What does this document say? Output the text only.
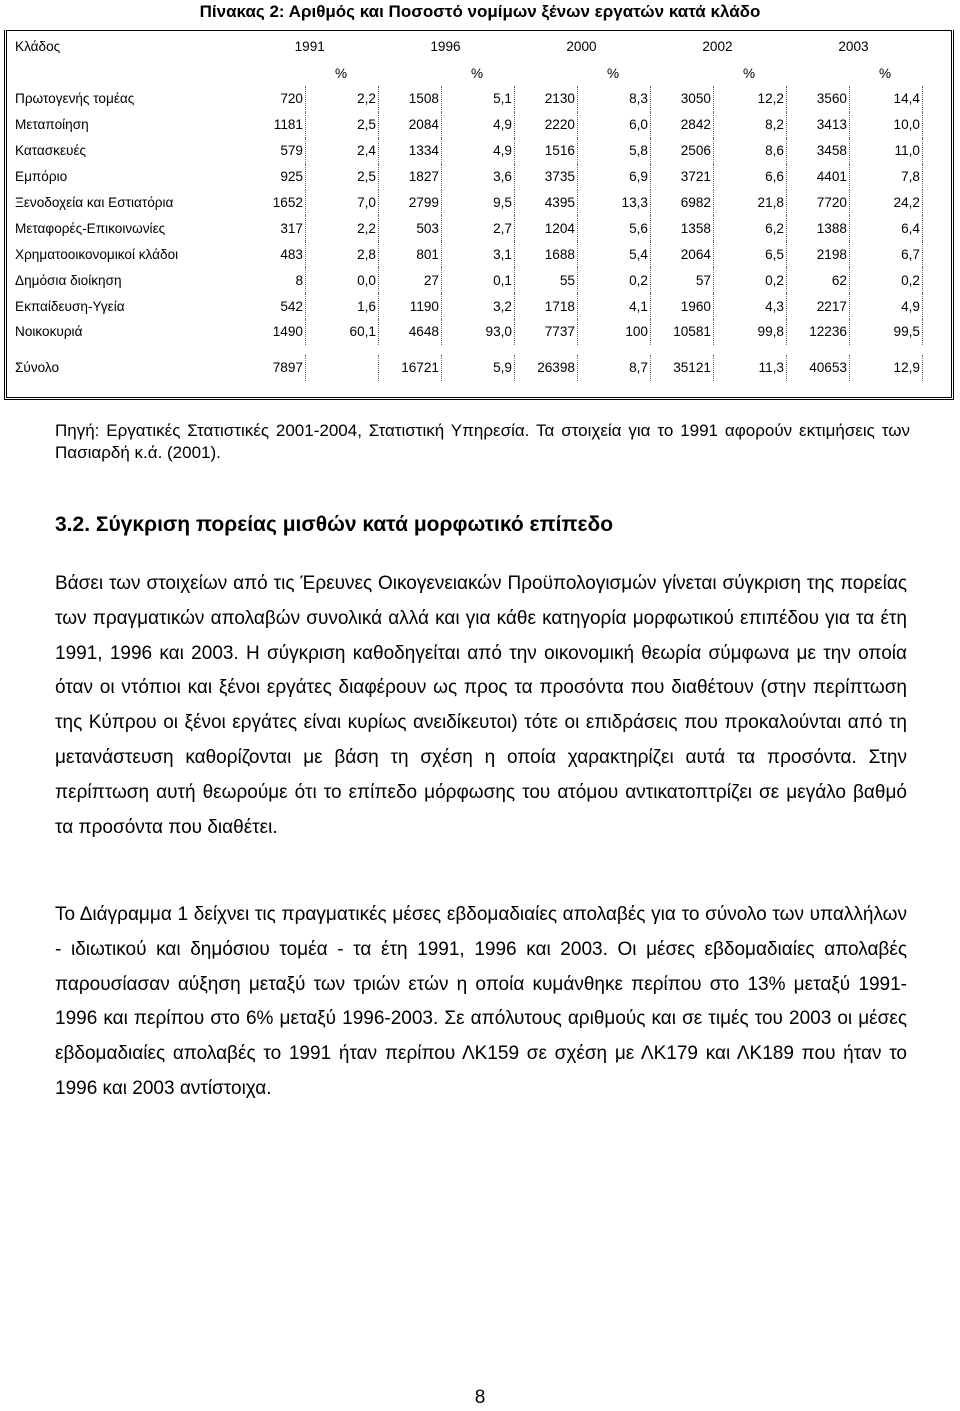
Πίνακας 2: Αριθμός και Ποσοστό νομίμων ξένων εργατών κατά κλάδο
Κλάδος	1991		1996		2000		2002		2003	
		%		%		%		%		%
Πρωτογενής τομέας	720	2,2	1508	5,1	2130	8,3	3050	12,2	3560	14,4
Μεταποίηση	1181	2,5	2084	4,9	2220	6,0	2842	8,2	3413	10,0
Κατασκευές	579	2,4	1334	4,9	1516	5,8	2506	8,6	3458	11,0
Εμπόριο	925	2,5	1827	3,6	3735	6,9	3721	6,6	4401	7,8
Ξενοδοχεία και Εστιατόρια	1652	7,0	2799	9,5	4395	13,3	6982	21,8	7720	24,2
Μεταφορές-Επικοινωνίες	317	2,2	503	2,7	1204	5,6	1358	6,2	1388	6,4
Χρηματοοικονομικοί κλάδοι	483	2,8	801	3,1	1688	5,4	2064	6,5	2198	6,7
Δημόσια διοίκηση	8	0,0	27	0,1	55	0,2	57	0,2	62	0,2
Εκπαίδευση-Υγεία	542	1,6	1190	3,2	1718	4,1	1960	4,3	2217	4,9
Νοικοκυριά	1490	60,1	4648	93,0	7737	100	10581	99,8	12236	99,5

Σύνολο	7897		16721	5,9	26398	8,7	35121	11,3	40653	12,9
Πηγή: Εργατικές Στατιστικές 2001-2004, Στατιστική Υπηρεσία. Τα στοιχεία για το 1991 αφορούν εκτιμήσεις των Πασιαρδή κ.ά. (2001).
3.2. Σύγκριση πορείας μισθών κατά μορφωτικό επίπεδο
Βάσει των στοιχείων από τις Έρευνες Οικογενειακών Προϋπολογισμών γίνεται σύγκριση της πορείας των πραγματικών απολαβών συνολικά αλλά και για κάθε κατηγορία μορφωτικού επιπέδου για τα έτη 1991, 1996 και 2003. Η σύγκριση καθοδηγείται από την οικονομική θεωρία σύμφωνα με την οποία όταν οι ντόπιοι και ξένοι εργάτες διαφέρουν ως προς τα προσόντα που διαθέτουν (στην περίπτωση της Κύπρου οι ξένοι εργάτες είναι κυρίως ανειδίκευτοι) τότε οι επιδράσεις που προκαλούνται από τη μετανάστευση καθορίζονται με βάση τη σχέση η οποία χαρακτηρίζει αυτά τα προσόντα. Στην περίπτωση αυτή θεωρούμε ότι το επίπεδο μόρφωσης του ατόμου αντικατοπτρίζει σε μεγάλο βαθμό τα προσόντα που διαθέτει.
Το Διάγραμμα 1 δείχνει τις πραγματικές μέσες εβδομαδιαίες απολαβές για το σύνολο των υπαλλήλων - ιδιωτικού και δημόσιου τομέα - τα έτη 1991, 1996 και 2003. Οι μέσες εβδομαδιαίες απολαβές παρουσίασαν αύξηση μεταξύ των τριών ετών η οποία κυμάνθηκε περίπου στο 13% μεταξύ 1991-1996 και περίπου στο 6% μεταξύ 1996-2003. Σε απόλυτους αριθμούς και σε τιμές του 2003 οι μέσες εβδομαδιαίες απολαβές το 1991 ήταν περίπου ΛΚ159 σε σχέση με ΛΚ179 και ΛΚ189 που ήταν το 1996 και 2003 αντίστοιχα.
8
